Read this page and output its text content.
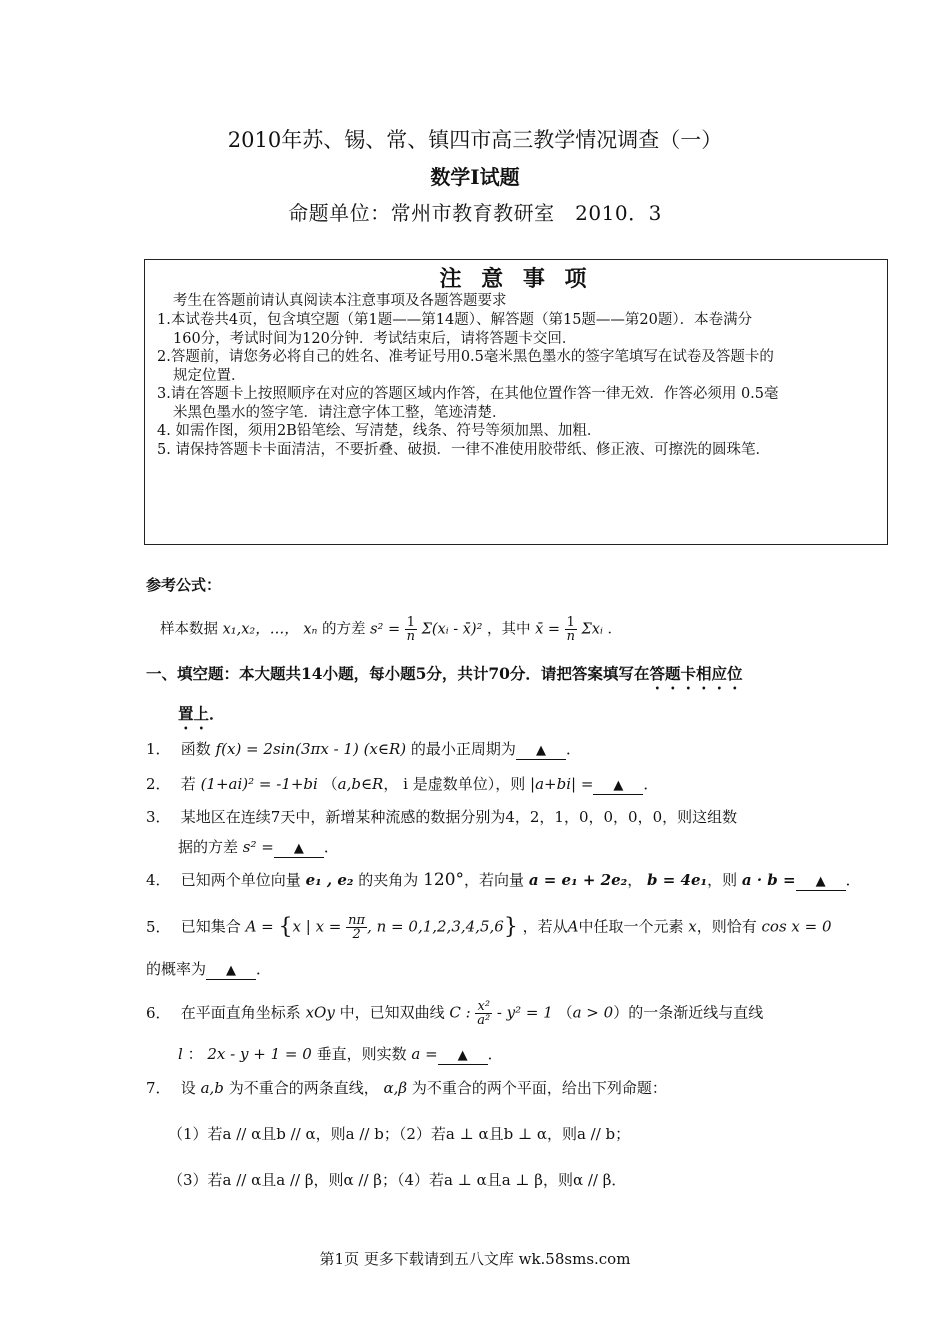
2010年苏、锡、常、镇四市高三教学情况调查（一）
数学Ⅰ试题
命题单位：常州市教育教研室　2010．3
注 意 事 项
考生在答题前请认真阅读本注意事项及各题答题要求
1.本试卷共4页，包含填空题（第1题——第14题）、解答题（第15题——第20题）．本卷满分
160分，考试时间为120分钟．考试结束后，请将答题卡交回．
2.答题前，请您务必将自己的姓名、准考证号用0.5毫米黑色墨水的签字笔填写在试卷及答题卡的
规定位置．
3.请在答题卡上按照顺序在对应的答题区域内作答，在其他位置作答一律无效．作答必须用 0.5毫
米黑色墨水的签字笔．请注意字体工整，笔迹清楚．
4. 如需作图，须用2B铅笔绘、写清楚，线条、符号等须加黑、加粗．
5. 请保持答题卡卡面清洁，不要折叠、破损．一律不准使用胶带纸、修正液、可擦洗的圆珠笔．
参考公式：
样本数据 x₁,x₂，…， xₙ 的方差 $s^2 = \frac{1}{n}$ Σ(xᵢ - x̄)² ，其中 x̄ = $\frac{1}{n}$ Σxᵢ ．
一、填空题：本大题共14小题，每小题5分，共计70分．请把答案填写在答题卡相应位
置上．
1． 函数 f(x) = 2sin(3πx - 1) (x∈R) 的最小正周期为 ▲ ．
2． 若 (1+ai)² = -1+bi （a,b∈R， i 是虚数单位），则 |a+bi| = ▲ ．
3． 某地区在连续7天中，新增某种流感的数据分别为4，2，1，0，0，0，0，则这组数
据的方差 s² = ▲ ．
4． 已知两个单位向量 e₁ , e₂ 的夹角为 120°，若向量 a = e₁ + 2e₂， b = 4e₁，则 a · b = ▲ ．
5． 已知集合 A = {x | $x = \frac{n\pi}{2}$ , n = 0,1,2,3,4,5,6} ，若从A中任取一个元素 x，则恰有 cos x = 0
的概率为 ▲ ．
6． 在平面直角坐标系 xOy 中，已知双曲线 C : $\frac{\text{x²}}{\text{a²}} - y^2 = 1$ （a > 0）的一条渐近线与直线
l ： 2x - y + 1 = 0 垂直，则实数 a = ▲ ．
7． 设 a,b 为不重合的两条直线， α,β 为不重合的两个平面，给出下列命题：
（1）若a // α且b // α，则a // b；（2）若a ⊥ α且b ⊥ α，则a // b；
（3）若a // α且a // β，则α // β；（4）若a ⊥ α且a ⊥ β，则α // β．
第1页 更多下载请到五八文库 wk.58sms.com
